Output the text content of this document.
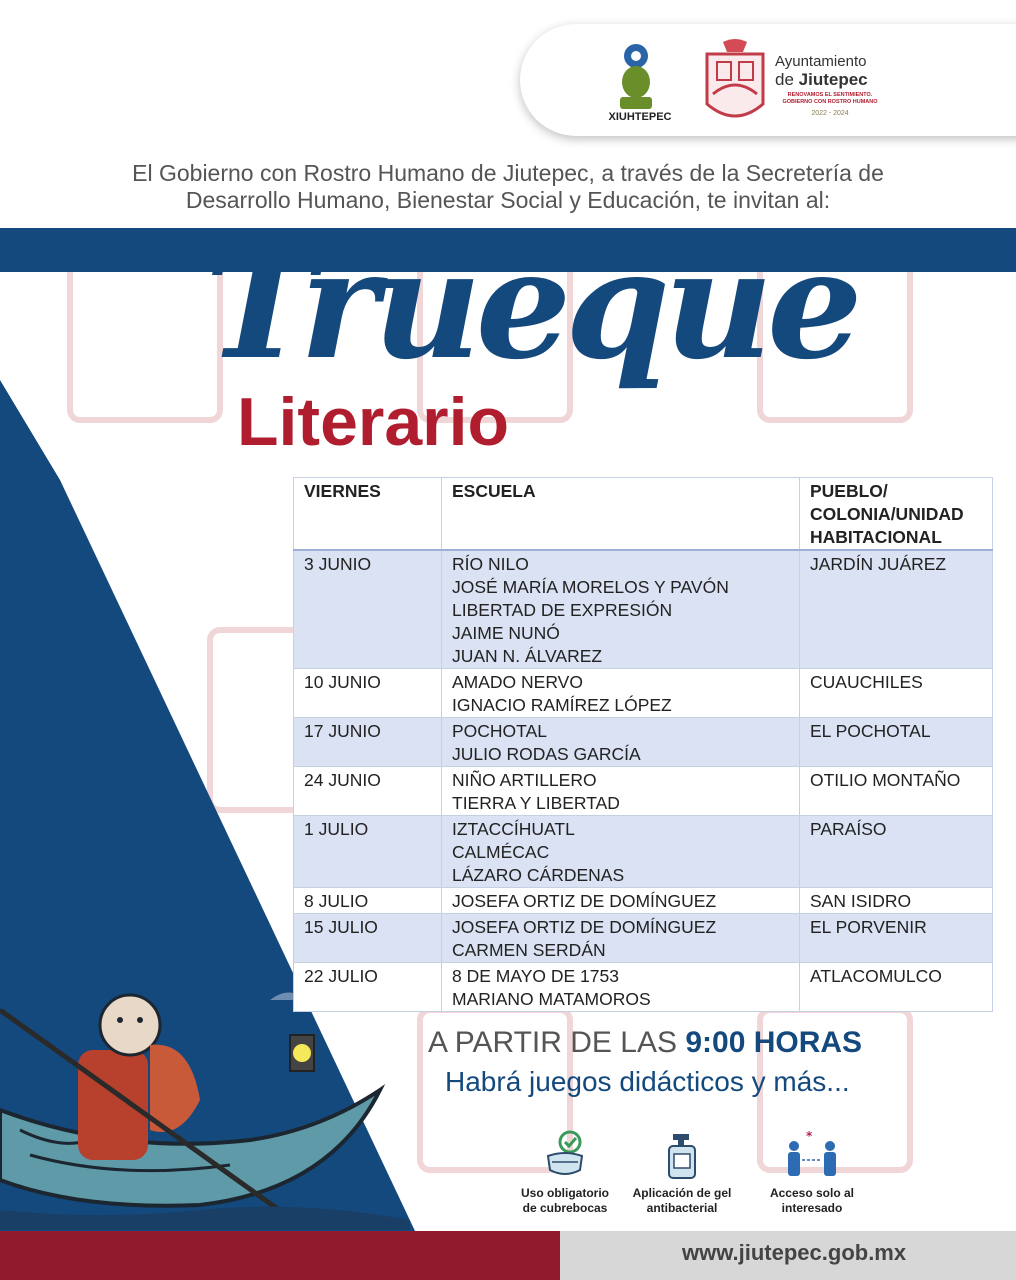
XIUHTEPEC
Ayuntamiento
de Jiutepec
RENOVAMOS EL SENTIMIENTO.
GOBIERNO CON ROSTRO HUMANO
2022 - 2024
El Gobierno con Rostro Humano de Jiutepec, a través de la Secretería de
Desarrollo Humano, Bienestar Social y Educación, te invitan al:
Trueque
Literario
VIERNES	ESCUELA	PUEBLO/ COLONIA/UNIDAD HABITACIONAL
3 JUNIO	RÍO NILO
JOSÉ MARÍA MORELOS Y PAVÓN
LIBERTAD DE EXPRESIÓN
JAIME NUNÓ
JUAN N. ÁLVAREZ	JARDÍN JUÁREZ
10 JUNIO	AMADO NERVO
IGNACIO RAMÍREZ LÓPEZ	CUAUCHILES
17 JUNIO	POCHOTAL
JULIO RODAS GARCÍA	EL POCHOTAL
24 JUNIO	NIÑO ARTILLERO
TIERRA Y LIBERTAD	OTILIO MONTAÑO
1 JULIO	IZTACCÍHUATL
CALMÉCAC
LÁZARO CÁRDENAS	PARAÍSO
8 JULIO	JOSEFA ORTIZ DE DOMÍNGUEZ	SAN ISIDRO
15 JULIO	JOSEFA ORTIZ DE DOMÍNGUEZ
CARMEN SERDÁN	EL PORVENIR
22 JULIO	8 DE MAYO DE 1753
MARIANO MATAMOROS	ATLACOMULCO
A PARTIR DE LAS 9:00 HORAS
Habrá juegos didácticos y más...
Uso obligatorio
de cubrebocas
Aplicación de gel
antibacterial
*
Acceso solo al
interesado
www.jiutepec.gob.mx
